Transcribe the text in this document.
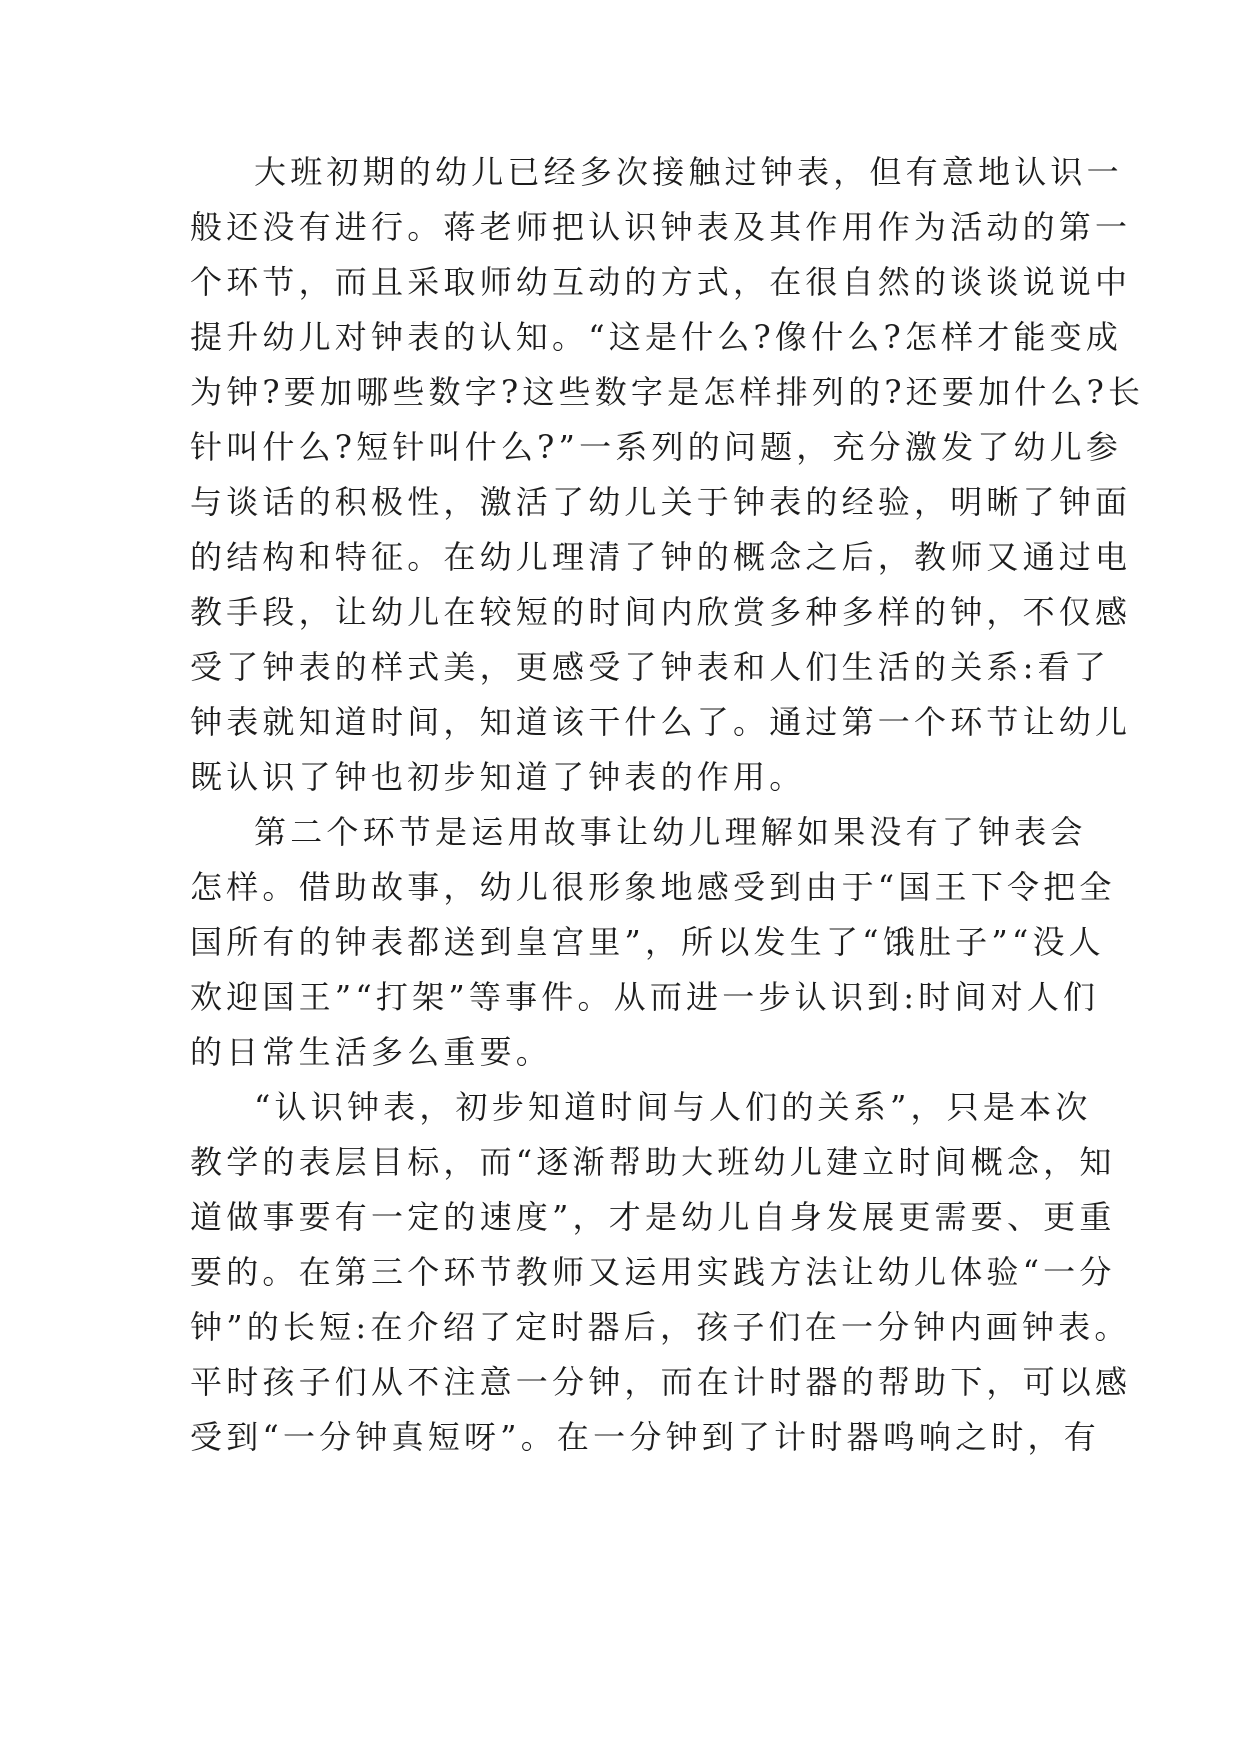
大班初期的幼儿已经多次接触过钟表，但有意地认识一
般还没有进行。蒋老师把认识钟表及其作用作为活动的第一
个环节，而且采取师幼互动的方式，在很自然的谈谈说说中
提升幼儿对钟表的认知。“这是什么?像什么?怎样才能变成
为钟?要加哪些数字?这些数字是怎样排列的?还要加什么?长
针叫什么?短针叫什么?”一系列的问题，充分激发了幼儿参
与谈话的积极性，激活了幼儿关于钟表的经验，明晰了钟面
的结构和特征。在幼儿理清了钟的概念之后，教师又通过电
教手段，让幼儿在较短的时间内欣赏多种多样的钟，不仅感
受了钟表的样式美，更感受了钟表和人们生活的关系:看了
钟表就知道时间，知道该干什么了。通过第一个环节让幼儿
既认识了钟也初步知道了钟表的作用。
第二个环节是运用故事让幼儿理解如果没有了钟表会
怎样。借助故事，幼儿很形象地感受到由于“国王下令把全
国所有的钟表都送到皇宫里”，所以发生了“饿肚子”“没人
欢迎国王”“打架”等事件。从而进一步认识到:时间对人们
的日常生活多么重要。
“认识钟表，初步知道时间与人们的关系”，只是本次
教学的表层目标，而“逐渐帮助大班幼儿建立时间概念，知
道做事要有一定的速度”，才是幼儿自身发展更需要、更重
要的。在第三个环节教师又运用实践方法让幼儿体验“一分
钟”的长短:在介绍了定时器后，孩子们在一分钟内画钟表。
平时孩子们从不注意一分钟，而在计时器的帮助下，可以感
受到“一分钟真短呀”。在一分钟到了计时器鸣响之时，有
